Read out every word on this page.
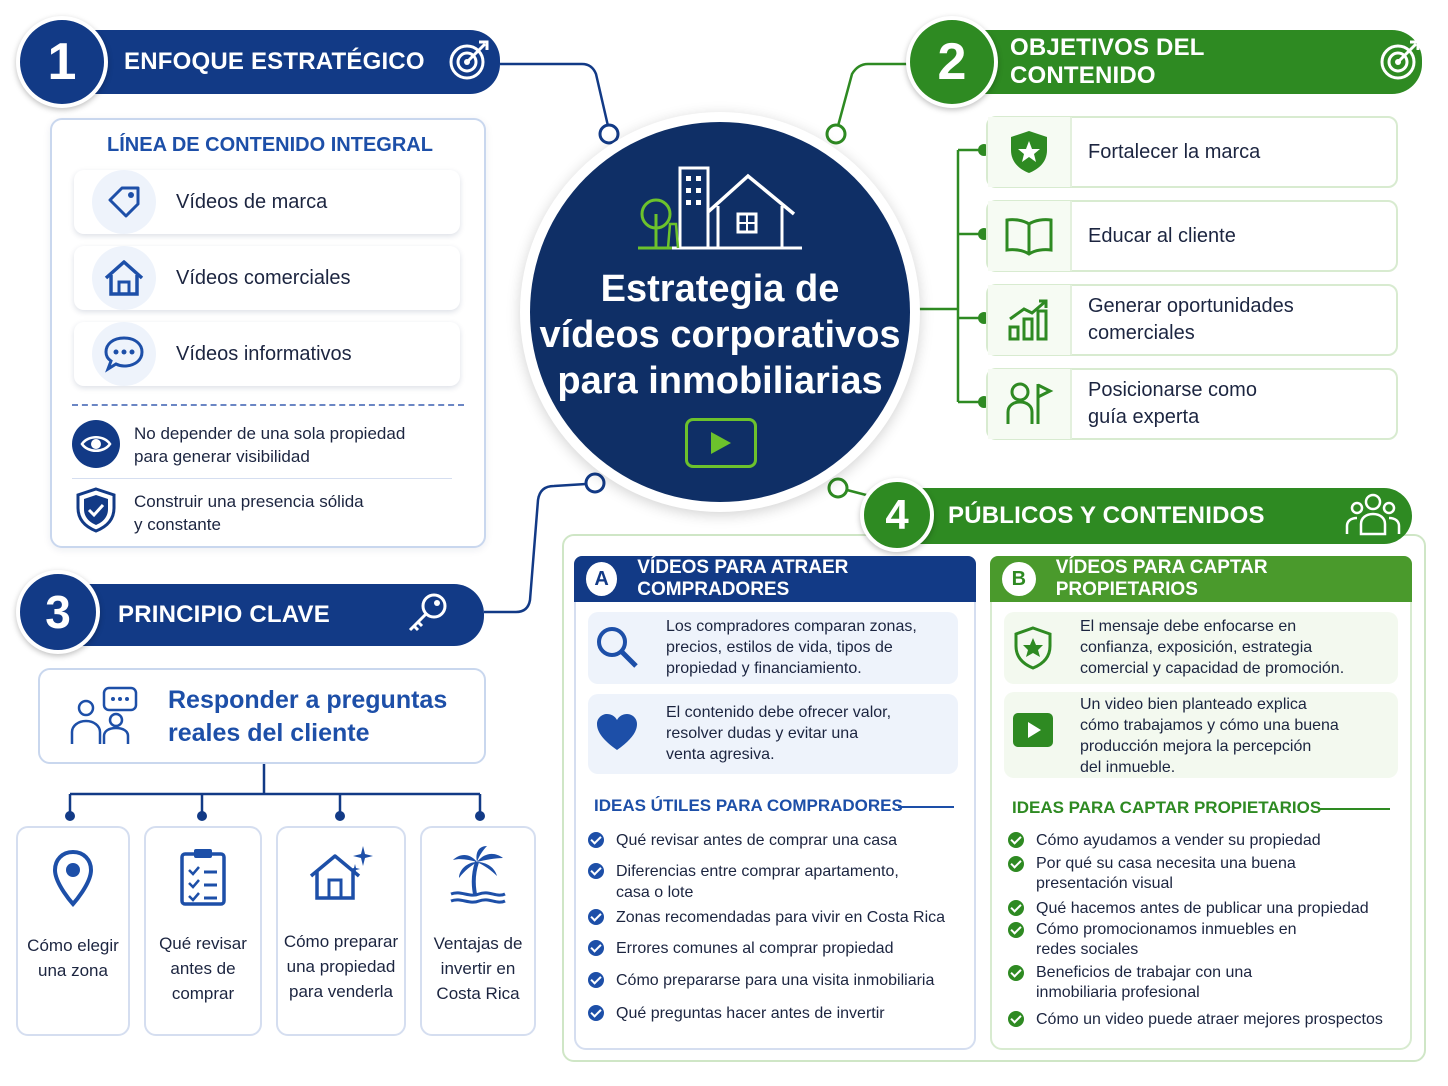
ENFOQUE ESTRATÉGICO
1
LÍNEA DE CONTENIDO INTEGRAL
Vídeos de marca
Vídeos comerciales
Vídeos informativos
No depender de una sola propiedad
para generar visibilidad
Construir una presencia sólida
y constante
Estrategia de
vídeos corporativos
para inmobiliarias
OBJETIVOS DEL CONTENIDO
2
Fortalecer la marca
Educar al cliente
Generar oportunidades
comerciales
Posicionarse como
guía experta
PRINCIPIO CLAVE
3
Responder a preguntas
reales del cliente
Cómo elegir
una zona
Qué revisar
antes de
comprar
Cómo preparar
una propiedad
para venderla
Ventajas de
invertir en
Costa Rica
PÚBLICOS Y CONTENIDOS
4
A	VÍDEOS PARA ATRAER COMPRADORES
Los compradores comparan zonas,
precios, estilos de vida, tipos de
propiedad y financiamiento.
El contenido debe ofrecer valor,
resolver dudas y evitar una
venta agresiva.
IDEAS ÚTILES PARA COMPRADORES
Qué revisar antes de comprar una casa
Diferencias entre comprar apartamento,
casa o lote
Zonas recomendadas para vivir en Costa Rica
Errores comunes al comprar propiedad
Cómo prepararse para una visita inmobiliaria
Qué preguntas hacer antes de invertir
B	VÍDEOS PARA CAPTAR PROPIETARIOS
El mensaje debe enfocarse en
confianza, exposición, estrategia
comercial y capacidad de promoción.
Un video bien planteado explica
cómo trabajamos y cómo una buena
producción mejora la percepción
del inmueble.
IDEAS PARA CAPTAR PROPIETARIOS
Cómo ayudamos a vender su propiedad
Por qué su casa necesita una buena
presentación visual
Qué hacemos antes de publicar una propiedad
Cómo promocionamos inmuebles en
redes sociales
Beneficios de trabajar con una
inmobiliaria profesional
Cómo un video puede atraer mejores prospectos
